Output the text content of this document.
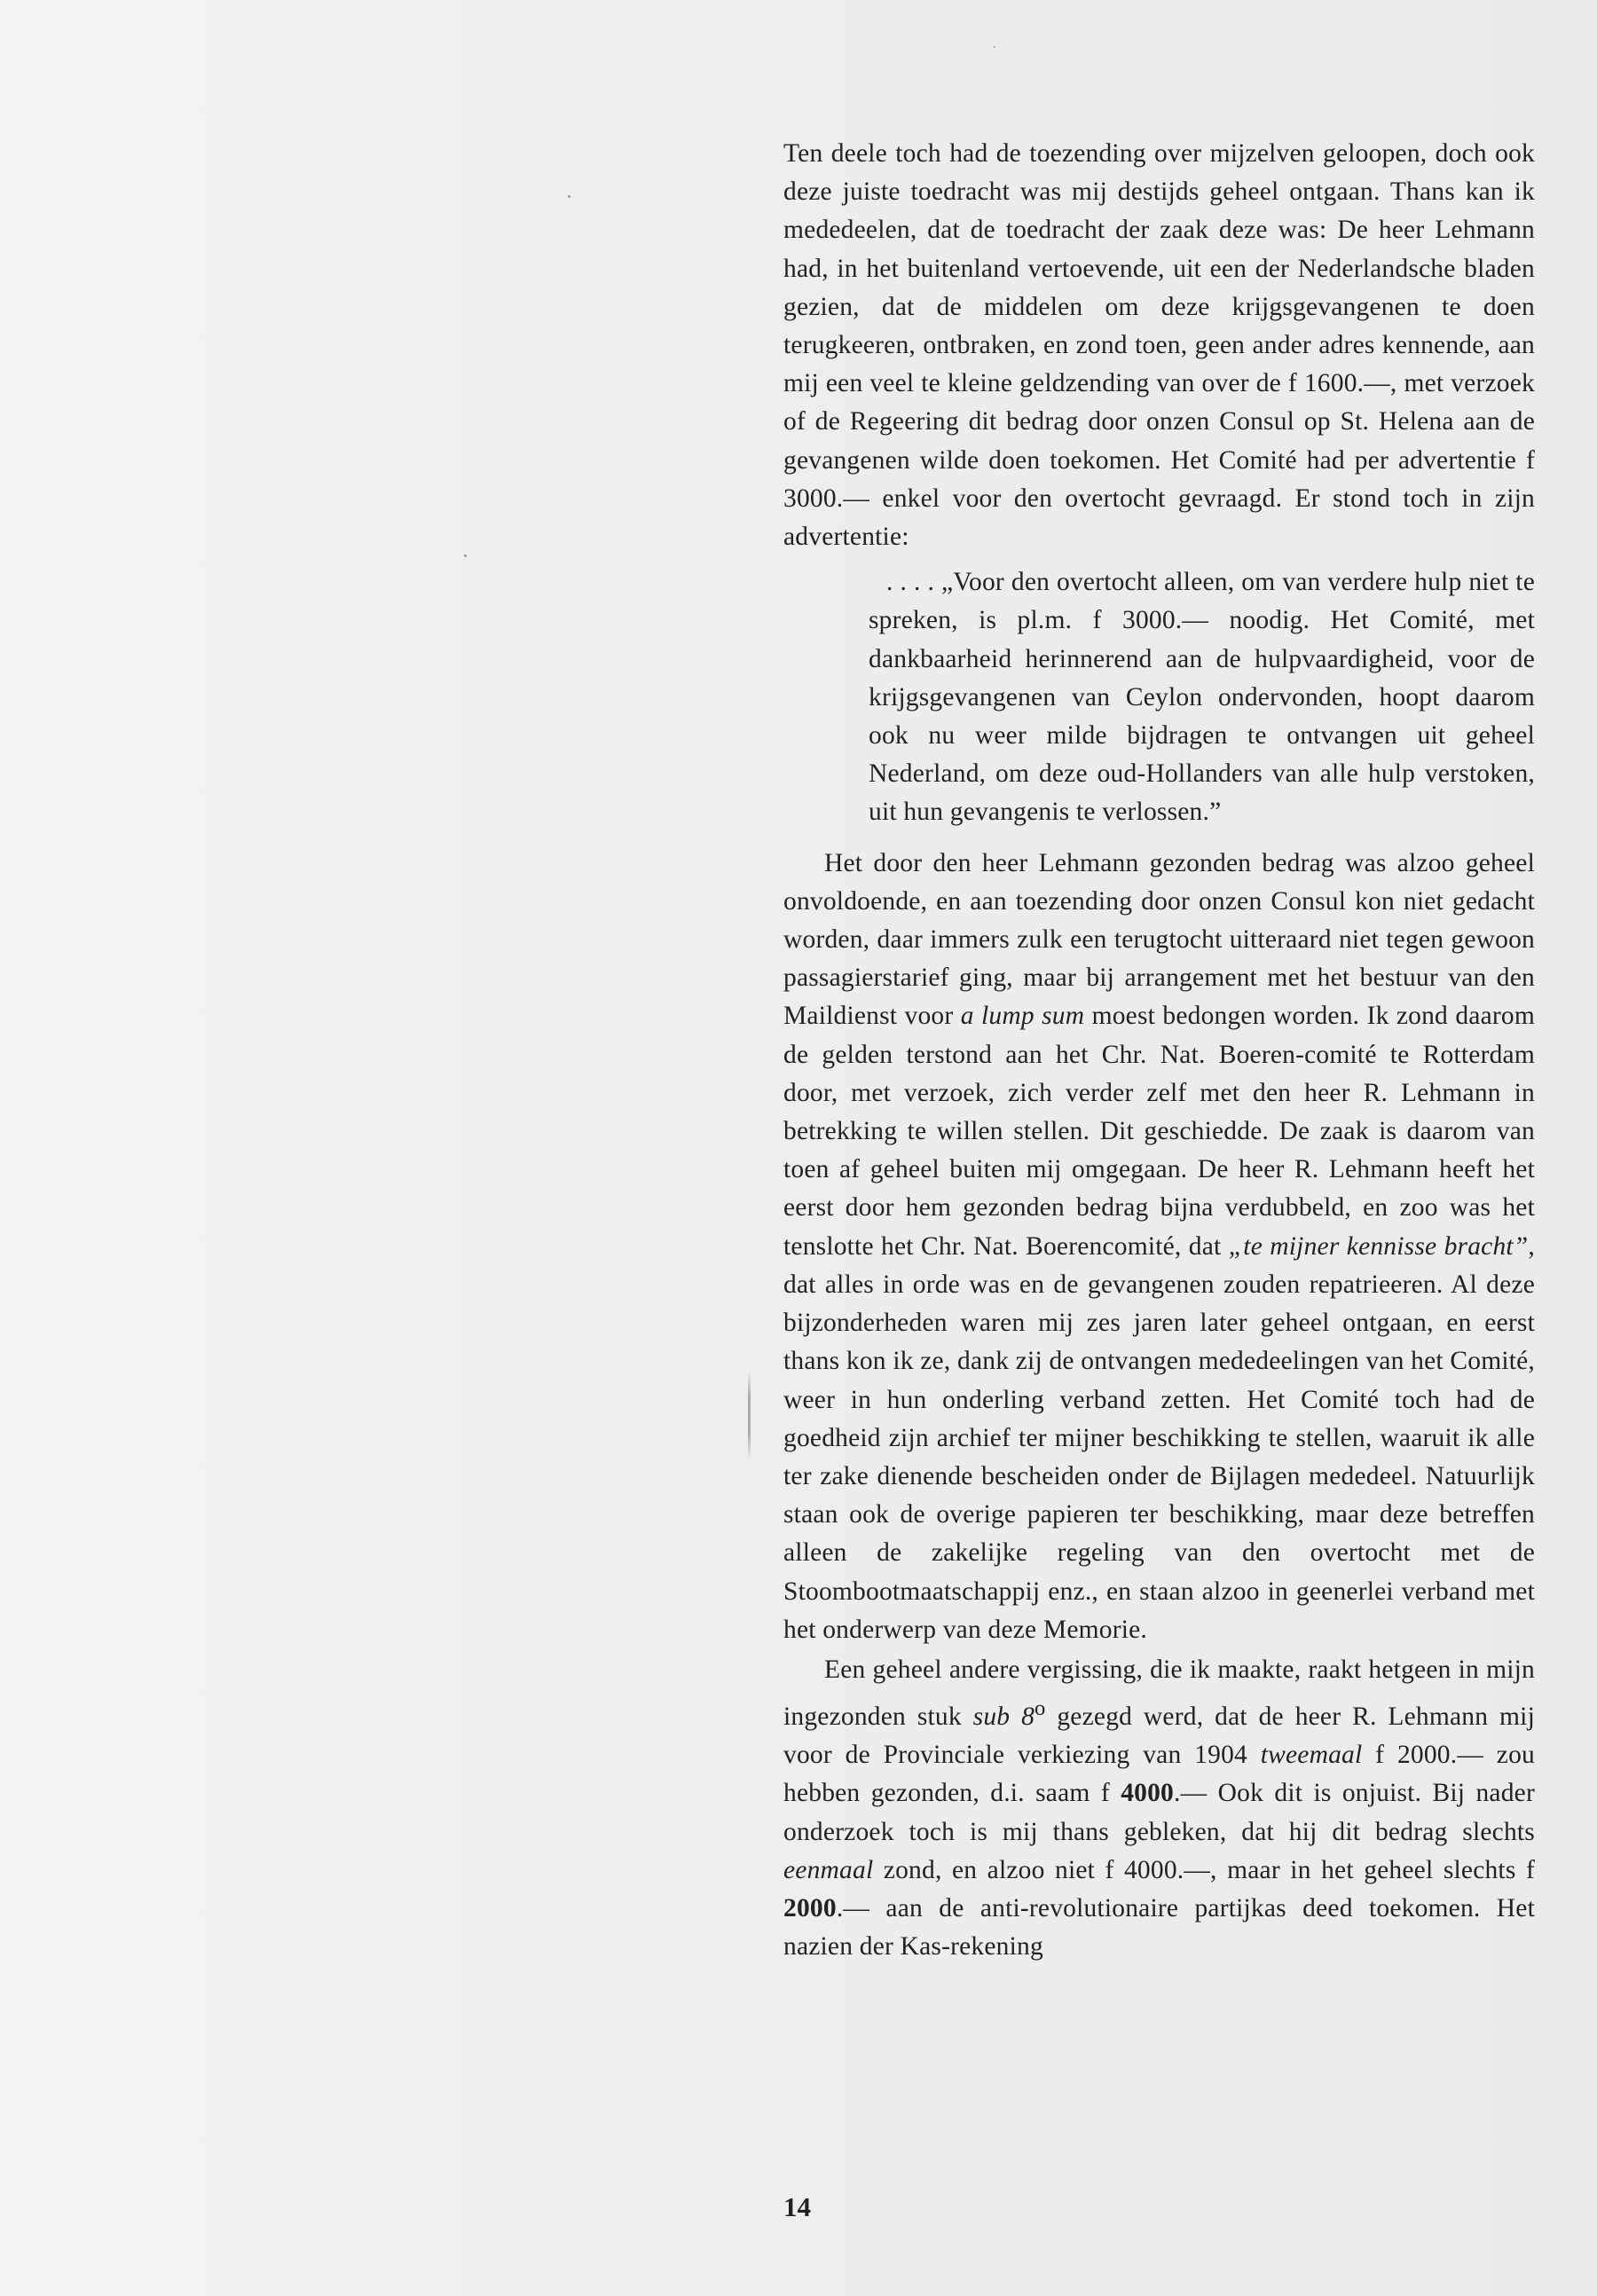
Ten deele toch had de toezending over mijzelven geloopen, doch ook deze juiste toedracht was mij destijds geheel ontgaan. Thans kan ik mededeelen, dat de toedracht der zaak deze was: De heer Lehmann had, in het buitenland vertoevende, uit een der Nederlandsche bladen gezien, dat de middelen om deze krijgsgevangenen te doen terugkeeren, ontbraken, en zond toen, geen ander adres kennende, aan mij een veel te kleine geldzending van over de f 1600.—, met verzoek of de Regeering dit bedrag door onzen Consul op St. Helena aan de gevangenen wilde doen toekomen. Het Comité had per advertentie f 3000.— enkel voor den overtocht gevraagd. Er stond toch in zijn advertentie:

. . . . „Voor den overtocht alleen, om van verdere hulp niet te spreken, is pl.m. f 3000.— noodig. Het Comité, met dankbaarheid herinnerend aan de hulpvaardigheid, voor de krijgsgevangenen van Ceylon ondervonden, hoopt daarom ook nu weer milde bijdragen te ontvangen uit geheel Nederland, om deze oud-Hollanders van alle hulp verstoken, uit hun gevangenis te verlossen.”

Het door den heer Lehmann gezonden bedrag was alzoo geheel onvoldoende, en aan toezending door onzen Consul kon niet gedacht worden, daar immers zulk een terugtocht uitteraard niet tegen gewoon passagierstarief ging, maar bij arrangement met het bestuur van den Maildienst voor a lump sum moest bedongen worden. Ik zond daarom de gelden terstond aan het Chr. Nat. Boeren-comité te Rotterdam door, met verzoek, zich verder zelf met den heer R. Lehmann in betrekking te willen stellen. Dit geschiedde. De zaak is daarom van toen af geheel buiten mij omgegaan. De heer R. Lehmann heeft het eerst door hem gezonden bedrag bijna verdubbeld, en zoo was het tenslotte het Chr. Nat. Boerencomité, dat „te mijner kennisse bracht”, dat alles in orde was en de gevangenen zouden repatrieeren. Al deze bijzonderheden waren mij zes jaren later geheel ontgaan, en eerst thans kon ik ze, dank zij de ontvangen mededeelingen van het Comité, weer in hun onderling verband zetten. Het Comité toch had de goedheid zijn archief ter mijner beschikking te stellen, waaruit ik alle ter zake dienende bescheiden onder de Bijlagen mededeel. Natuurlijk staan ook de overige papieren ter beschikking, maar deze betreffen alleen de zakelijke regeling van den overtocht met de Stoombootmaatschappij enz., en staan alzoo in geenerlei verband met het onderwerp van deze Memorie.

Een geheel andere vergissing, die ik maakte, raakt hetgeen in mijn ingezonden stuk sub 8$^o$ gezegd werd, dat de heer R. Lehmann mij voor de Provinciale verkiezing van 1904 tweemaal f 2000.— zou hebben gezonden, d.i. saam f 4000.— Ook dit is onjuist. Bij nader onderzoek toch is mij thans gebleken, dat hij dit bedrag slechts eenmaal zond, en alzoo niet f 4000.—, maar in het geheel slechts f 2000.— aan de anti-revolutionaire partijkas deed toekomen. Het nazien der Kas-rekening

14
